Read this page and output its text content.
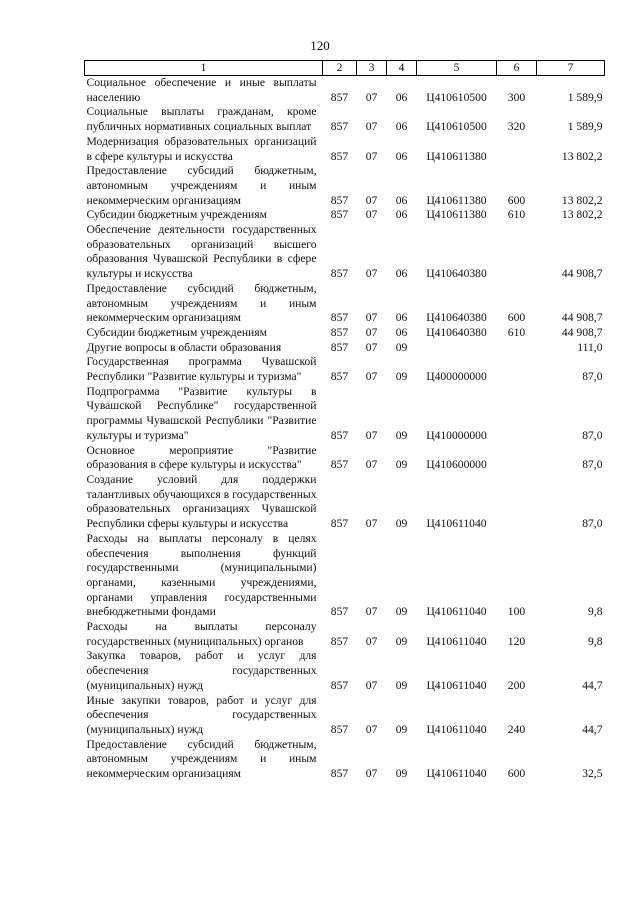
120
1	2	3	4	5	6	7
Социальное обеспечение и иные выплаты населению	857	07	06	Ц410610500	300	1 589,9
Социальные выплаты гражданам, кроме публичных нормативных социальных выплат	857	07	06	Ц410610500	320	1 589,9
Модернизация образовательных организаций в сфере культуры и искусства	857	07	06	Ц410611380		13 802,2
Предоставление субсидий бюджетным, автономным учреждениям и иным некоммерческим организациям	857	07	06	Ц410611380	600	13 802,2
Субсидии бюджетным учреждениям	857	07	06	Ц410611380	610	13 802,2
Обеспечение деятельности государственных образовательных организаций высшего образования Чувашской Республики в сфере культуры и искусства	857	07	06	Ц410640380		44 908,7
Предоставление субсидий бюджетным, автономным учреждениям и иным некоммерческим организациям	857	07	06	Ц410640380	600	44 908,7
Субсидии бюджетным учреждениям	857	07	06	Ц410640380	610	44 908,7
Другие вопросы в области образования	857	07	09			111,0
Государственная программа Чувашской Республики "Развитие культуры и туризма"	857	07	09	Ц400000000		87,0
Подпрограмма "Развитие культуры в Чувашской Республике" государственной программы Чувашской Республики "Развитие культуры и туризма"	857	07	09	Ц410000000		87,0
Основное мероприятие "Развитие образования в сфере культуры и искусства"	857	07	09	Ц410600000		87,0
Создание условий для поддержки талантливых обучающихся в государственных образовательных организациях Чувашской Республики сферы культуры и искусства	857	07	09	Ц410611040		87,0
Расходы на выплаты персоналу в целях обеспечения выполнения функций государственными (муниципальными) органами, казенными учреждениями, органами управления государственными внебюджетными фондами	857	07	09	Ц410611040	100	9,8
Расходы на выплаты персоналу государственных (муниципальных) органов	857	07	09	Ц410611040	120	9,8
Закупка товаров, работ и услуг для обеспечения государственных (муниципальных) нужд	857	07	09	Ц410611040	200	44,7
Иные закупки товаров, работ и услуг для обеспечения государственных (муниципальных) нужд	857	07	09	Ц410611040	240	44,7
Предоставление субсидий бюджетным, автономным учреждениям и иным некоммерческим организациям	857	07	09	Ц410611040	600	32,5
